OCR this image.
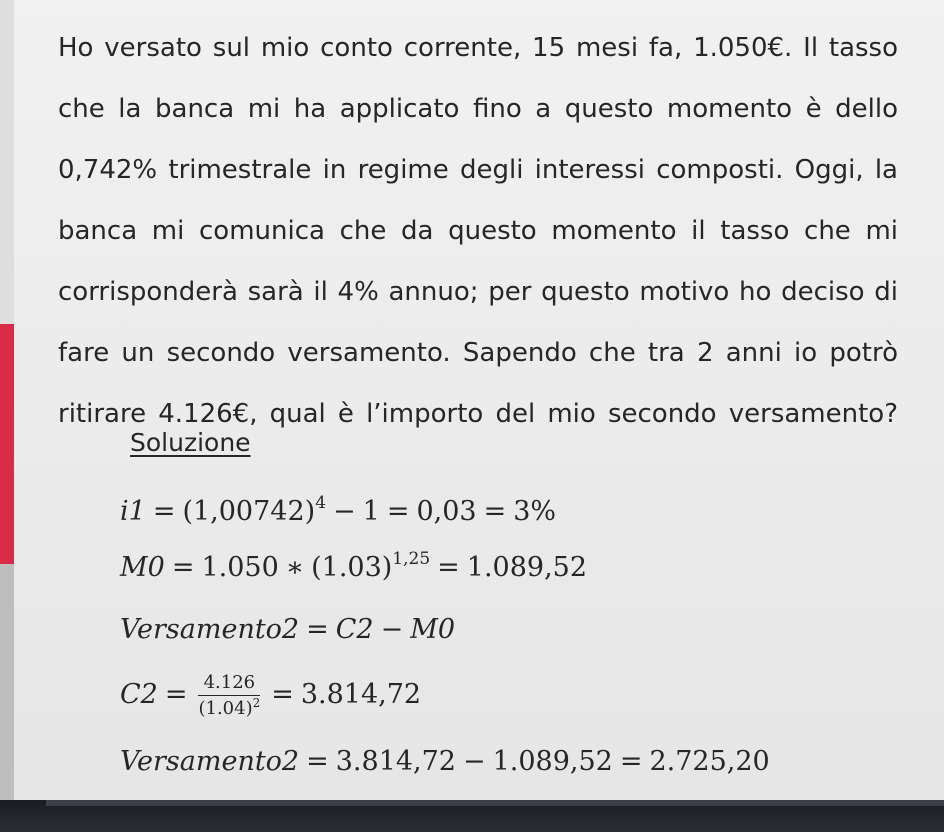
Ho versato sul mio conto corrente, 15 mesi fa, 1.050€. Il tasso
che la banca mi ha applicato fino a questo momento è dello
0,742% trimestrale in regime degli interessi composti. Oggi, la
banca mi comunica che da questo momento il tasso che mi
corrisponderà sarà il 4% annuo; per questo motivo ho deciso di
fare un secondo versamento. Sapendo che tra 2 anni io potrò
ritirare 4.126€, qual è l’importo del mio secondo versamento?
Soluzione
$i1 = (1,00742)^4 - 1 = 0,03 = 3\%$
M0 = 1.050 ∗ $(1.03)^{1,25} = 1.089,52$
Versamento2 = C2 − M0
$C2 = \frac{4.126}{(1.04)^2} = 3.814,72$
Versamento2 = 3.814,72 − 1.089,52 = 2.725,20
